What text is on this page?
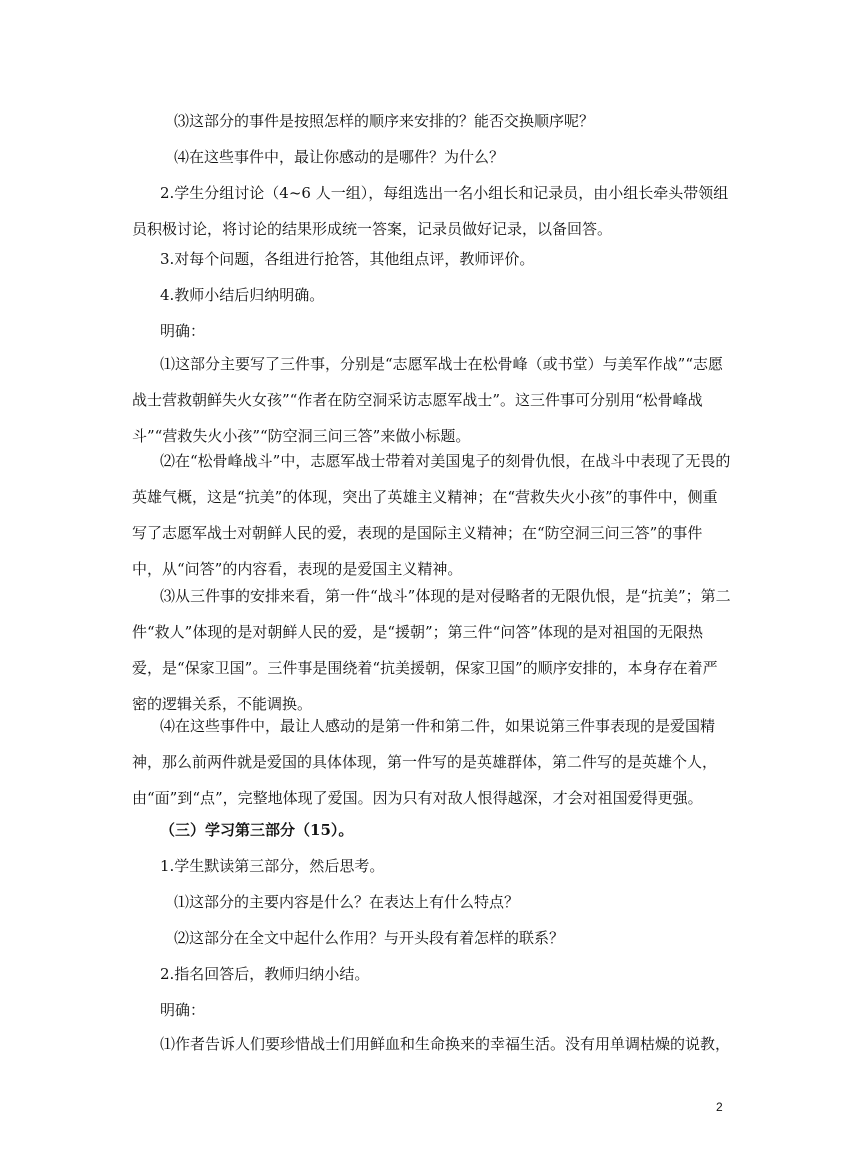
⑶这部分的事件是按照怎样的顺序来安排的？能否交换顺序呢？

⑷在这些事件中，最让你感动的是哪件？为什么？

2.学生分组讨论（4~6 人一组），每组选出一名小组长和记录员，由小组长牵头带领组员积极讨论，将讨论的结果形成统一答案，记录员做好记录，以备回答。

3.对每个问题，各组进行抢答，其他组点评，教师评价。

4.教师小结后归纳明确。

明确：

⑴这部分主要写了三件事，分别是“志愿军战士在松骨峰（或书堂）与美军作战”“志愿战士营救朝鲜失火女孩”“作者在防空洞采访志愿军战士”。这三件事可分别用“松骨峰战斗”“营救失火小孩”“防空洞三问三答”来做小标题。

⑵在“松骨峰战斗”中，志愿军战士带着对美国鬼子的刻骨仇恨，在战斗中表现了无畏的英雄气概，这是“抗美”的体现，突出了英雄主义精神；在“营救失火小孩”的事件中，侧重写了志愿军战士对朝鲜人民的爱，表现的是国际主义精神；在“防空洞三问三答”的事件中，从“问答”的内容看，表现的是爱国主义精神。

⑶从三件事的安排来看，第一件“战斗”体现的是对侵略者的无限仇恨，是“抗美”；第二件“救人”体现的是对朝鲜人民的爱，是“援朝”；第三件“问答”体现的是对祖国的无限热爱，是“保家卫国”。三件事是围绕着“抗美援朝，保家卫国”的顺序安排的，本身存在着严密的逻辑关系，不能调换。

⑷在这些事件中，最让人感动的是第一件和第二件，如果说第三件事表现的是爱国精神，那么前两件就是爱国的具体体现，第一件写的是英雄群体，第二件写的是英雄个人，由“面”到“点”，完整地体现了爱国。因为只有对敌人恨得越深，才会对祖国爱得更强。

（三）学习第三部分（15）。

1.学生默读第三部分，然后思考。

⑴这部分的主要内容是什么？在表达上有什么特点？

⑵这部分在全文中起什么作用？与开头段有着怎样的联系？

2.指名回答后，教师归纳小结。

明确：

⑴作者告诉人们要珍惜战士们用鲜血和生命换来的幸福生活。没有用单调枯燥的说教，

2
